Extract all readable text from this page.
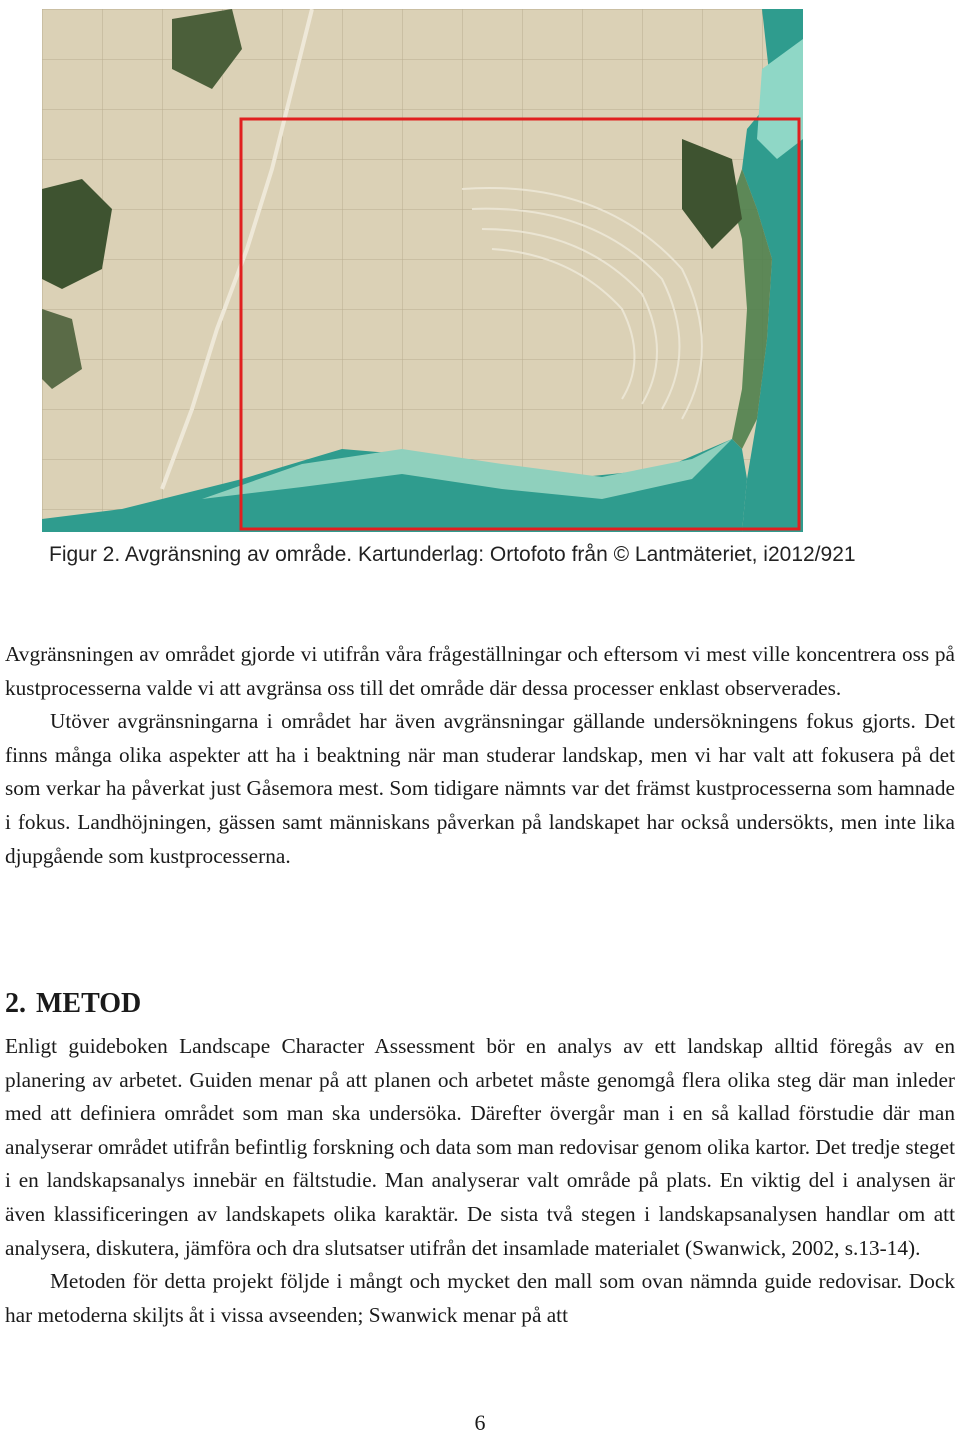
Figur 2. Avgränsning av område. Kartunderlag: Ortofoto från © Lantmäteriet, i2012/921

Avgränsningen av området gjorde vi utifrån våra frågeställningar och eftersom vi mest ville koncentrera oss på kustprocesserna valde vi att avgränsa oss till det område där dessa processer enklast observerades.

Utöver avgränsningarna i området har även avgränsningar gällande undersökningens fokus gjorts. Det finns många olika aspekter att ha i beaktning när man studerar landskap, men vi har valt att fokusera på det som verkar ha påverkat just Gåsemora mest. Som tidigare nämnts var det främst kustprocesserna som hamnade i fokus. Landhöjningen, gässen samt människans påverkan på landskapet har också undersökts, men inte lika djupgående som kustprocesserna.

2. METOD

Enligt guideboken Landscape Character Assessment bör en analys av ett landskap alltid föregås av en planering av arbetet. Guiden menar på att planen och arbetet måste genomgå flera olika steg där man inleder med att definiera området som man ska undersöka. Därefter övergår man i en så kallad förstudie där man analyserar området utifrån befintlig forskning och data som man redovisar genom olika kartor. Det tredje steget i en landskapsanalys innebär en fältstudie. Man analyserar valt område på plats. En viktig del i analysen är även klassificeringen av landskapets olika karaktär. De sista två stegen i landskapsanalysen handlar om att analysera, diskutera, jämföra och dra slutsatser utifrån det insamlade materialet (Swanwick, 2002, s.13-14).

Metoden för detta projekt följde i mångt och mycket den mall som ovan nämnda guide redovisar. Dock har metoderna skiljts åt i vissa avseenden; Swanwick menar på att

6
